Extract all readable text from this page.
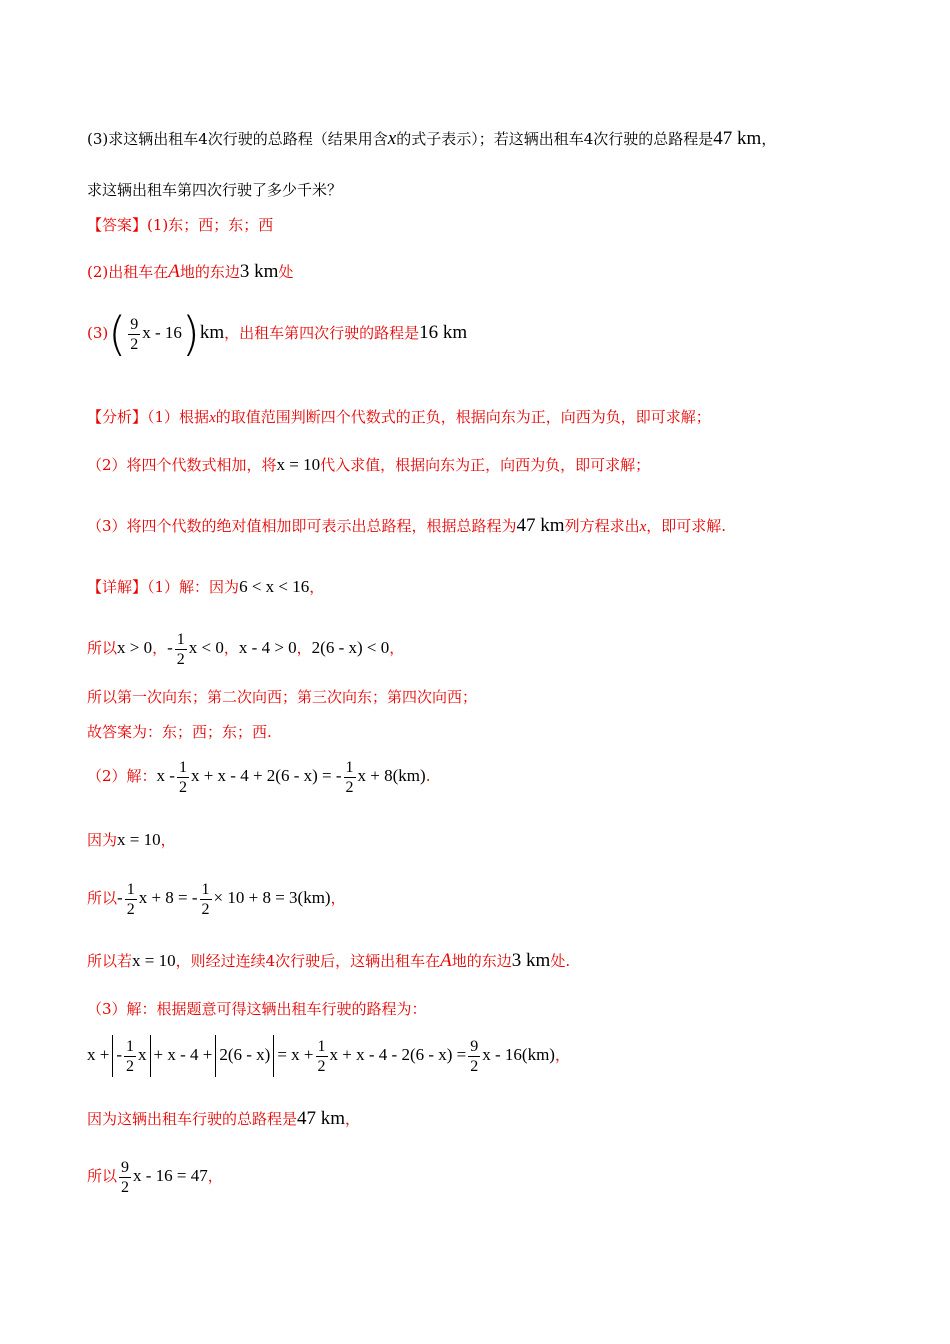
(3)求这辆出租车4次行驶的总路程（结果用含x的式子表示）；若这辆出租车4次行驶的总路程是47 km，
求这辆出租车第四次行驶了多少千米？
【答案】(1)东；西；东；西
(2)出租车在A地的东边3 km处
$(3)( \frac{9}{2}$ x - 16)km，出租车第四次行驶的路程是16 km
【分析】（1）根据x的取值范围判断四个代数式的正负，根据向东为正，向西为负，即可求解；
（2）将四个代数式相加，将x = 10代入求值，根据向东为正，向西为负，即可求解；
（3）将四个代数的绝对值相加即可表示出总路程，根据总路程为47 km列方程求出x，即可求解.
【详解】（1）解：因为6 < x < 16，
所以x > 0，- $\frac{1}{2}$ x < 0，x - 4 > 0，2(6 - x) < 0，
所以第一次向东；第二次向西；第三次向东；第四次向西；
故答案为：东；西；东；西.
（2）解：x - $\frac{1}{2}$ x + x - 4 + 2(6 - x) = - $\frac{1}{2}$ x + 8(km).
因为x = 10，
所以- $\frac{1}{2}$ x + 8 = - $\frac{1}{2} \times 10 + 8 = 3(km)$，
所以若x = 10，则经过连续4次行驶后，这辆出租车在A地的东边3 km处.
（3）解：根据题意可得这辆出租车行驶的路程为：
x + - $\frac{1}{2}$ $x + x - 4 + 2(6 - x) = x + \frac{1}{2}$ $x + x - 4 - 2(6 - x) = \frac{9}{2}$ x - 16(km)，
因为这辆出租车行驶的总路程是47 km，
所以 $\frac{9}{2}$ x - 16 = 47，
